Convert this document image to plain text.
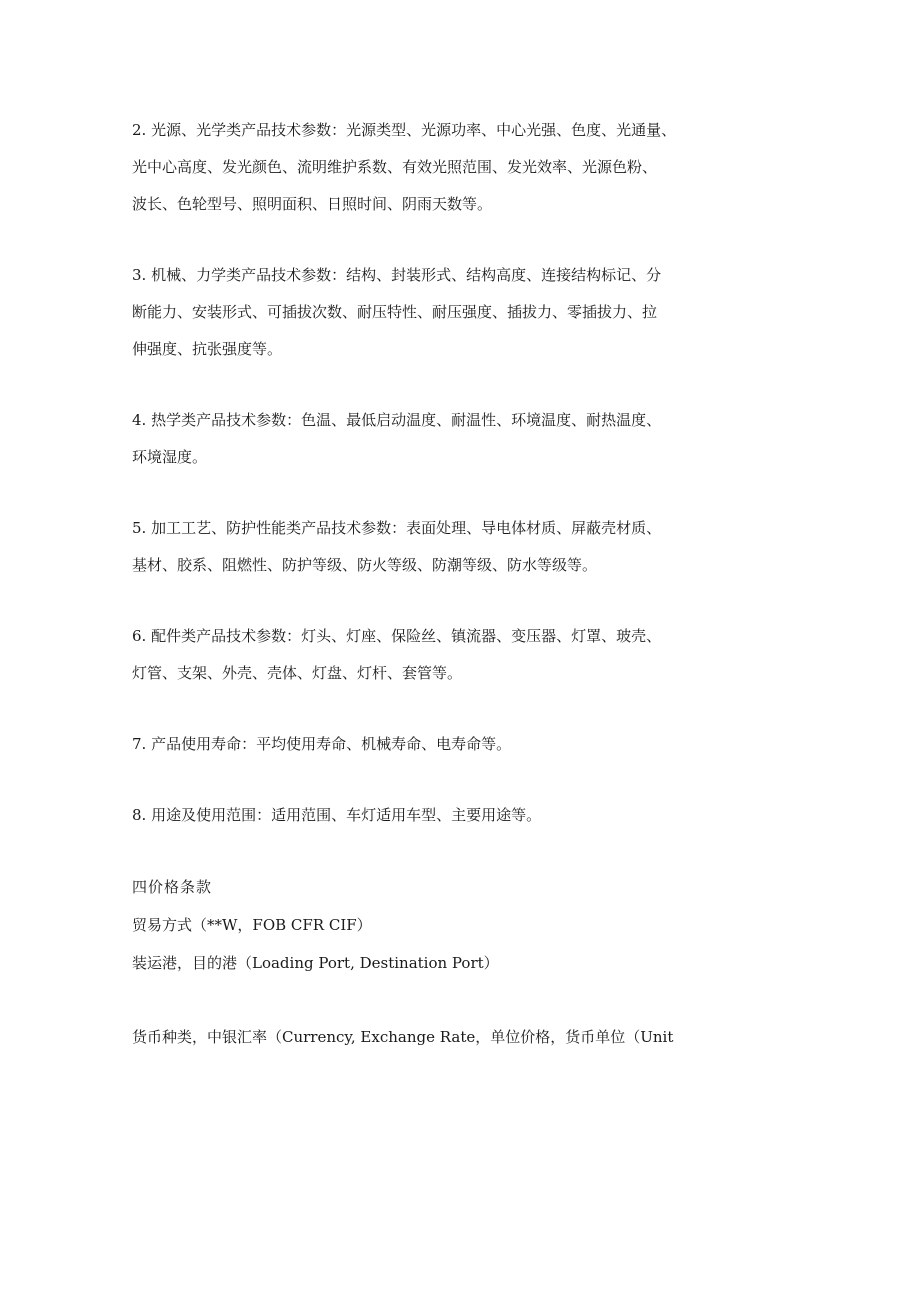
2. 光源、光学类产品技术参数：光源类型、光源功率、中心光强、色度、光通量、
光中心高度、发光颜色、流明维护系数、有效光照范围、发光效率、光源色粉、
波长、色轮型号、照明面积、日照时间、阴雨天数等。

3. 机械、力学类产品技术参数：结构、封装形式、结构高度、连接结构标记、分
断能力、安装形式、可插拔次数、耐压特性、耐压强度、插拔力、零插拔力、拉
伸强度、抗张强度等。

4. 热学类产品技术参数：色温、最低启动温度、耐温性、环境温度、耐热温度、
环境湿度。

5. 加工工艺、防护性能类产品技术参数：表面处理、导电体材质、屏蔽壳材质、
基材、胶系、阻燃性、防护等级、防火等级、防潮等级、防水等级等。

6. 配件类产品技术参数：灯头、灯座、保险丝、镇流器、变压器、灯罩、玻壳、
灯管、支架、外壳、壳体、灯盘、灯杆、套管等。

7. 产品使用寿命：平均使用寿命、机械寿命、电寿命等。

8. 用途及使用范围：适用范围、车灯适用车型、主要用途等。

四价格条款

贸易方式（**W，FOB CFR CIF）

装运港，目的港（Loading Port, Destination Port）

货币种类，中银汇率（Currency, Exchange Rate，单位价格，货币单位（Unit
